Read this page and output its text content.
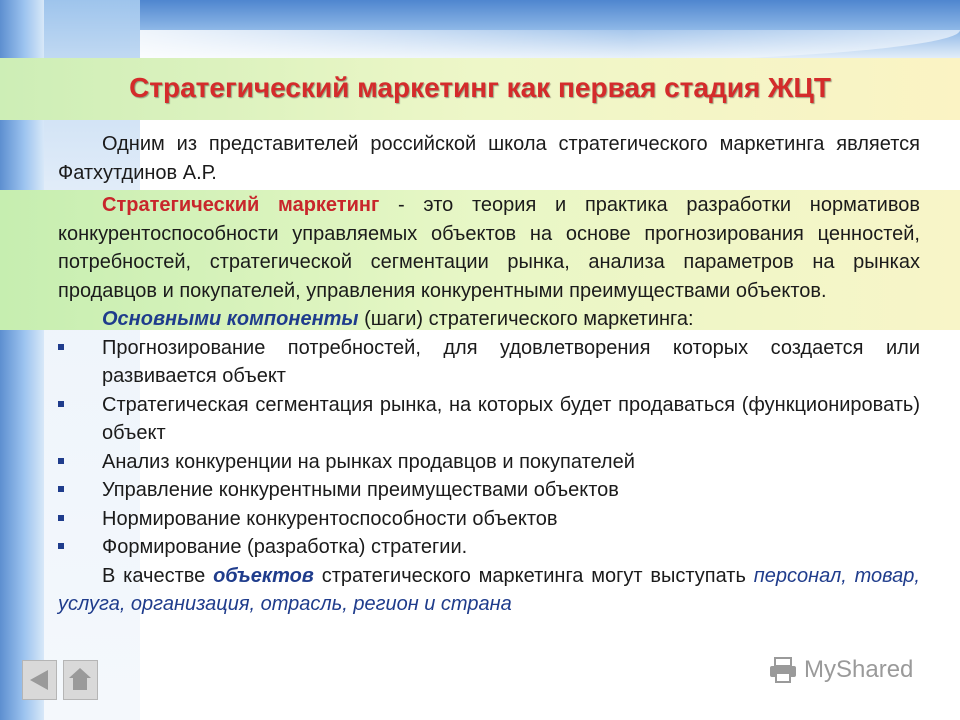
Стратегический маркетинг как первая стадия ЖЦТ

Одним из представителей российской школа стратегического маркетинга является Фатхутдинов А.Р.

Стратегический маркетинг - это теория и практика разработки нормативов конкурентоспособности управляемых объектов на основе прогнозирования ценностей, потребностей, стратегической сегментации рынка, анализа параметров на рынках продавцов и покупателей, управления конкурентными преимуществами объектов.

Основными компоненты (шаги) стратегического маркетинга:

Прогнозирование потребностей, для удовлетворения которых создается или развивается объект
Стратегическая сегментация рынка, на которых будет продаваться (функционировать) объект
Анализ конкуренции на рынках продавцов и покупателей
Управление конкурентными преимуществами объектов
Нормирование конкурентоспособности объектов
Формирование (разработка) стратегии.

В качестве объектов стратегического маркетинга могут выступать персонал, товар, услуга, организация, отрасль, регион и страна

MyShared
